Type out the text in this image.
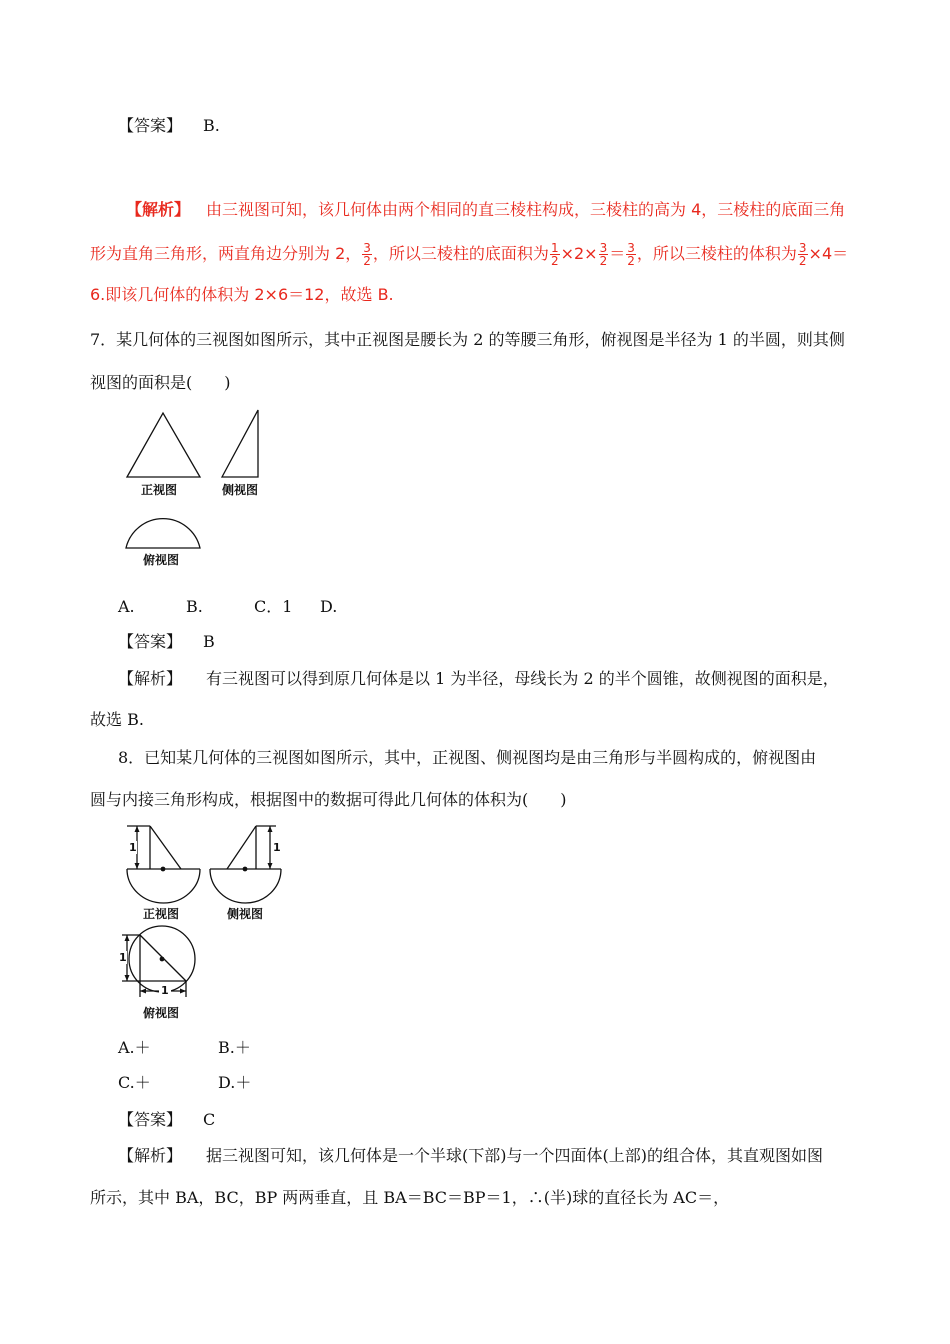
【答案】 B.
【解析】 由三视图可知，该几何体由两个相同的直三棱柱构成，三棱柱的高为 4，三棱柱的底面三角
形为直角三角形，两直角边分别为 2， $\frac{3}{2}$ ，所以三棱柱的底面积为 $\frac{1}{2} \times 2\times \frac{3}{2} = \frac{3}{2}$ ，所以三棱柱的体积为 $\frac{3}{2} \times 4=$
6.即该几何体的体积为 2×6＝12，故选 B.
7．某几何体的三视图如图所示，其中正视图是腰长为 2 的等腰三角形，俯视图是半径为 1 的半圆，则其侧
视图的面积是(　　)
正视图	侧视图
俯视图
A.	B.	C．1 D.
【答案】 B
【解析】 有三视图可以得到原几何体是以 1 为半径，母线长为 2 的半个圆锥，故侧视图的面积是，
故选 B.
8．已知某几何体的三视图如图所示，其中，正视图、侧视图均是由三角形与半圆构成的，俯视图由
圆与内接三角形构成，根据图中的数据可得此几何体的体积为(　　)
1	1
1
1
正视图	侧视图
俯视图
A.＋	B.＋
C.＋	D.＋
【答案】 C
【解析】 据三视图可知，该几何体是一个半球(下部)与一个四面体(上部)的组合体，其直观图如图
所示，其中 BA，BC，BP 两两垂直，且 BA＝BC＝BP＝1，∴(半)球的直径长为 AC＝，
